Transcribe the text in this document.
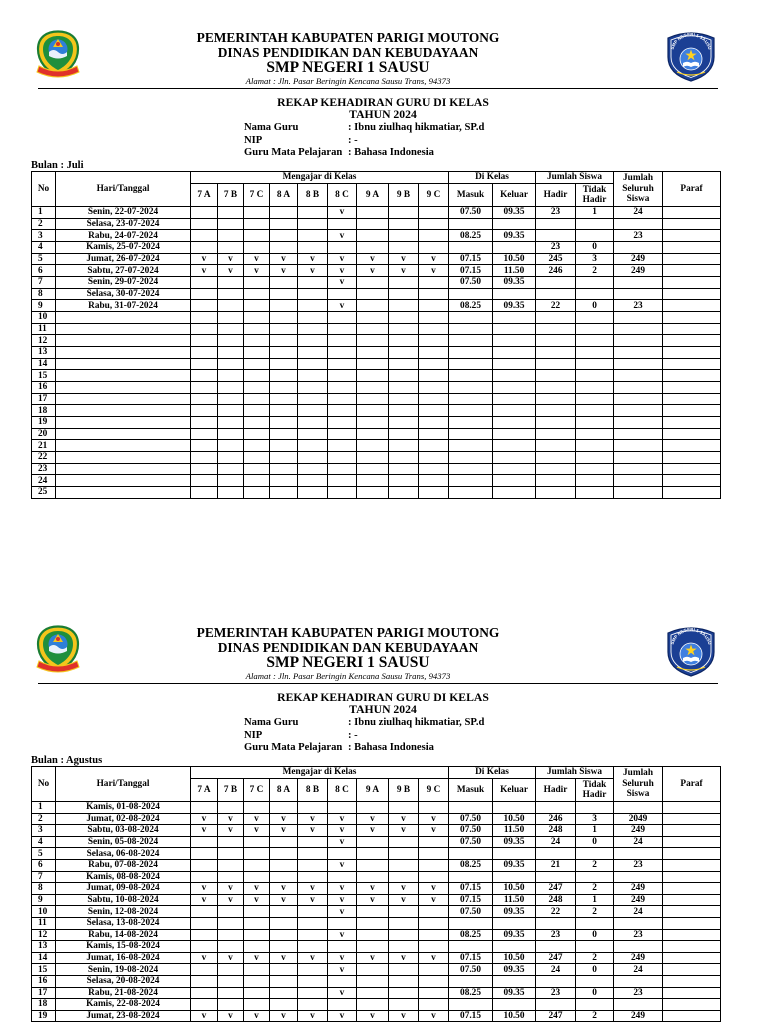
PEMERINTAH KABUPATEN PARIGI MOUTONG
DINAS PENDIDIKAN DAN KEBUDAYAAN
SMP NEGERI 1 SAUSU
Alamat : Jln. Pasar Beringin Kencana Sausu Trans, 94373
SMP NEGERI 1 SAUSU
REKAP KEHADIRAN GURU DI KELAS
TAHUN 2024
Nama Guru	: Ibnu ziulhaq hikmatiar, SP.d
NIP	: -
Guru Mata Pelajaran : Bahasa Indonesia
Bulan : Juli
No	Hari/Tanggal	Mengajar di Kelas									Di Kelas		Jumlah Siswa		Jumlah Seluruh Siswa	Paraf
		7 A	7 B	7 C	8 A	8 B	8 C	9 A	9 B	9 C	Masuk	Keluar	Hadir	Tidak Hadir		
1	Senin, 22-07-2024						v				07.50	09.35	23	1	24	
2	Selasa, 23-07-2024															
3	Rabu, 24-07-2024						v				08.25	09.35			23	
4	Kamis, 25-07-2024												23	0		
5	Jumat, 26-07-2024	v	v	v	v	v	v	v	v	v	07.15	10.50	245	3	249	
6	Sabtu, 27-07-2024	v	v	v	v	v	v	v	v	v	07.15	11.50	246	2	249	
7	Senin, 29-07-2024						v				07.50	09.35				
8	Selasa, 30-07-2024															
9	Rabu, 31-07-2024						v				08.25	09.35	22	0	23	
10																
11																
12																
13																
14																
15																
16																
17																
18																
19																
20																
21																
22																
23																
24																
25																
PEMERINTAH KABUPATEN PARIGI MOUTONG
DINAS PENDIDIKAN DAN KEBUDAYAAN
SMP NEGERI 1 SAUSU
Alamat : Jln. Pasar Beringin Kencana Sausu Trans, 94373
SMP NEGERI 1 SAUSU
REKAP KEHADIRAN GURU DI KELAS
TAHUN 2024
Nama Guru	: Ibnu ziulhaq hikmatiar, SP.d
NIP	: -
Guru Mata Pelajaran : Bahasa Indonesia
Bulan : Agustus
No	Hari/Tanggal	Mengajar di Kelas									Di Kelas		Jumlah Siswa		Jumlah Seluruh Siswa	Paraf
		7 A	7 B	7 C	8 A	8 B	8 C	9 A	9 B	9 C	Masuk	Keluar	Hadir	Tidak Hadir		
1	Kamis, 01-08-2024															
2	Jumat, 02-08-2024	v	v	v	v	v	v	v	v	v	07.50	10.50	246	3	2049	
3	Sabtu, 03-08-2024	v	v	v	v	v	v	v	v	v	07.50	11.50	248	1	249	
4	Senin, 05-08-2024						v				07.50	09.35	24	0	24	
5	Selasa, 06-08-2024															
6	Rabu, 07-08-2024						v				08.25	09.35	21	2	23	
7	Kamis, 08-08-2024															
8	Jumat, 09-08-2024	v	v	v	v	v	v	v	v	v	07.15	10.50	247	2	249	
9	Sabtu, 10-08-2024	v	v	v	v	v	v	v	v	v	07.15	11.50	248	1	249	
10	Senin, 12-08-2024						v				07.50	09.35	22	2	24	
11	Selasa, 13-08-2024															
12	Rabu, 14-08-2024						v				08.25	09.35	23	0	23	
13	Kamis, 15-08-2024															
14	Jumat, 16-08-2024	v	v	v	v	v	v	v	v	v	07.15	10.50	247	2	249	
15	Senin, 19-08-2024						v				07.50	09.35	24	0	24	
16	Selasa, 20-08-2024															
17	Rabu, 21-08-2024						v				08.25	09.35	23	0	23	
18	Kamis, 22-08-2024															
19	Jumat, 23-08-2024	v	v	v	v	v	v	v	v	v	07.15	10.50	247	2	249	
